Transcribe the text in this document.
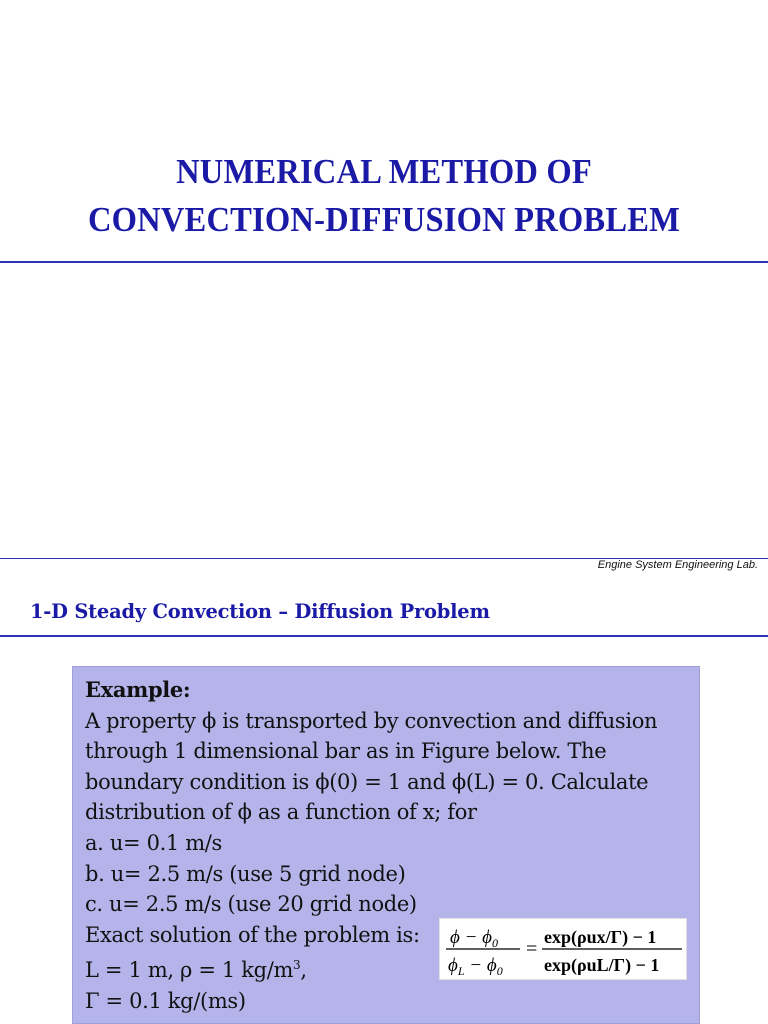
NUMERICAL METHOD OF
CONVECTION-DIFFUSION PROBLEM
Engine System Engineering Lab.
1-D Steady Convection – Diffusion Problem
Example:
A property ϕ is transported by convection and diffusion
through 1 dimensional bar as in Figure below. The
boundary condition is ϕ(0) = 1 and ϕ(L) = 0. Calculate
distribution of ϕ as a function of x; for
a. u= 0.1 m/s
b. u= 2.5 m/s (use 5 grid node)
c. u= 2.5 m/s (use 20 grid node)
Exact solution of the problem is:
L = 1 m, ρ = 1 $kg/m^3$,
Γ = 0.1 kg/(ms)
$\phi - \phi_0$
$\phi_L - \phi_0$
=
exp(ρux/Γ) − 1
exp(ρuL/Γ) − 1
